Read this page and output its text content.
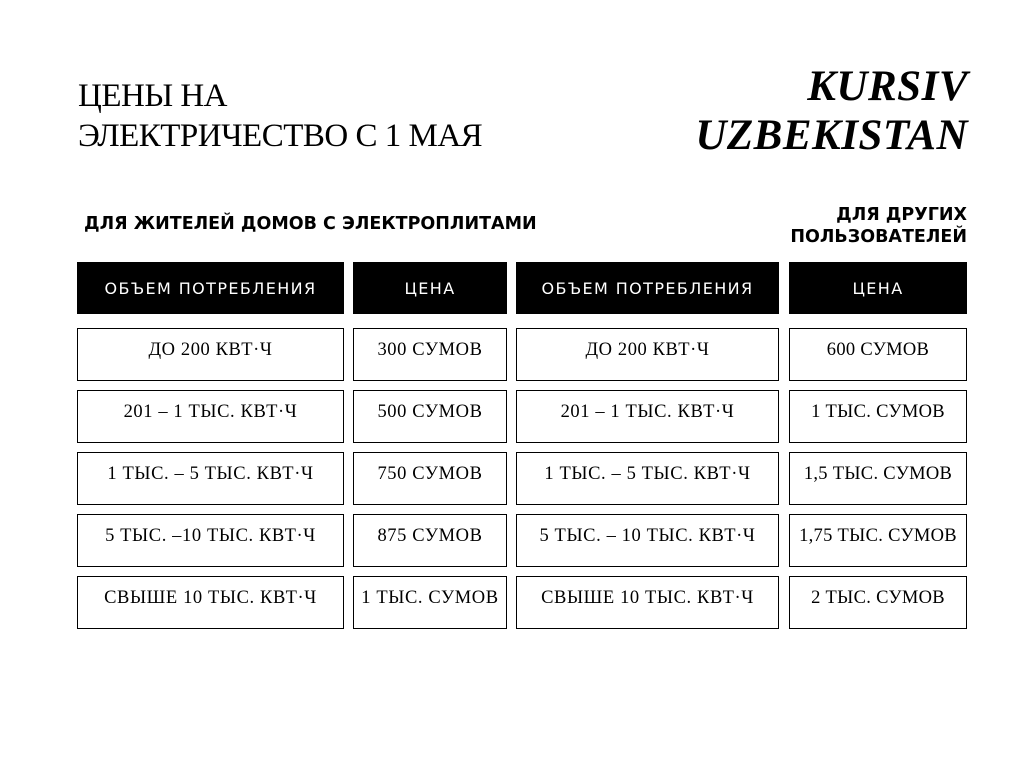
ЦЕНЫ НА
ЭЛЕКТРИЧЕСТВО С 1 МАЯ
KURSIV
UZBEKISTAN
ДЛЯ ЖИТЕЛЕЙ ДОМОВ С ЭЛЕКТРОПЛИТАМИ	ДЛЯ ДРУГИХ
ПОЛЬЗОВАТЕЛЕЙ
ОБЪЕМ ПОТРЕБЛЕНИЯ
ДО 200 КВТ·Ч
201 – 1 ТЫС. КВТ·Ч
1 ТЫС. – 5 ТЫС. КВТ·Ч
5 ТЫС. –10 ТЫС. КВТ·Ч
СВЫШЕ 10 ТЫС. КВТ·Ч
ЦЕНА
300 СУМОВ
500 СУМОВ
750 СУМОВ
875 СУМОВ
1 ТЫС. СУМОВ
ОБЪЕМ ПОТРЕБЛЕНИЯ
ДО 200 КВТ·Ч
201 – 1 ТЫС. КВТ·Ч
1 ТЫС. – 5 ТЫС. КВТ·Ч
5 ТЫС. – 10 ТЫС. КВТ·Ч
СВЫШЕ 10 ТЫС. КВТ·Ч
ЦЕНА
600 СУМОВ
1 ТЫС. СУМОВ
1,5 ТЫС. СУМОВ
1,75 ТЫС. СУМОВ
2 ТЫС. СУМОВ
